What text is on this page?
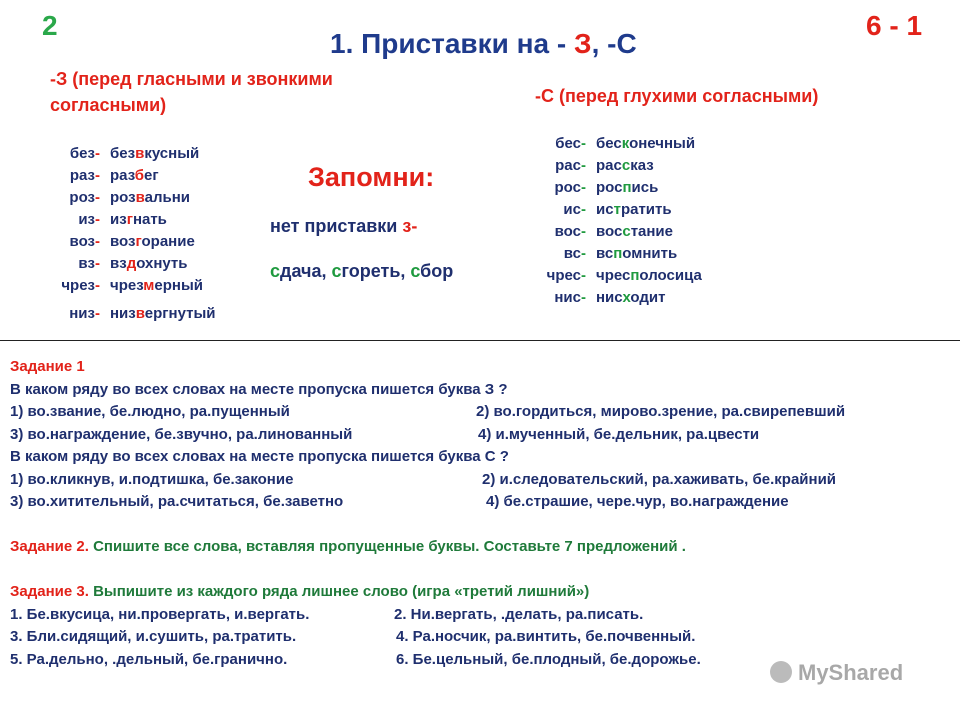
2	6 - 1
1. Приставки на - З, -С
-З (перед гласными и звонкими согласными)	-С (перед глухими согласными)
без- безвкусный
раз- разбег
роз- розвальни
из- изгнать
воз- возгорание
вз- вздохнуть
чрез- чрезмерный
низ- низвергнутый
бес- бесконечный
рас- рассказ
рос- роспись
ис- истратить
вос- восстание
вс- вспомнить
чрес- чресполосица
нис- нисходит
Запомни:
нет приставки з-
сдача, сгореть, сбор
Задание 1
В каком ряду во всех словах на месте пропуска пишется буква З ?
1) во.звание, бе.людно, ра.пущенный	2) во.гордиться, мирово.зрение, ра.свирепевший
3) во.награждение, бе.звучно, ра.линованный	4) и.мученный, бе.дельник, ра.цвести
В каком ряду во всех словах на месте пропуска пишется буква С ?
1) во.кликнув, и.подтишка, бе.законие	2) и.следовательский, ра.хаживать, бе.крайний
3) во.хитительный, ра.считаться, бе.заветно	4) бе.страшие, чере.чур, во.награждение
Задание 2. Спишите все слова, вставляя пропущенные буквы. Составьте 7 предложений .
Задание 3. Выпишите из каждого ряда лишнее слово (игра «третий лишний»)
1. Бе.вкусица, ни.провергать, и.вергать.	2. Ни.вергать, .делать, ра.писать.
3. Бли.сидящий, и.сушить, ра.тратить.	4. Ра.носчик, ра.винтить, бе.почвенный.
5. Ра.дельно, .дельный, бе.гранично.	6. Бе.цельный, бе.плодный, бе.дорожье.
MyShared
